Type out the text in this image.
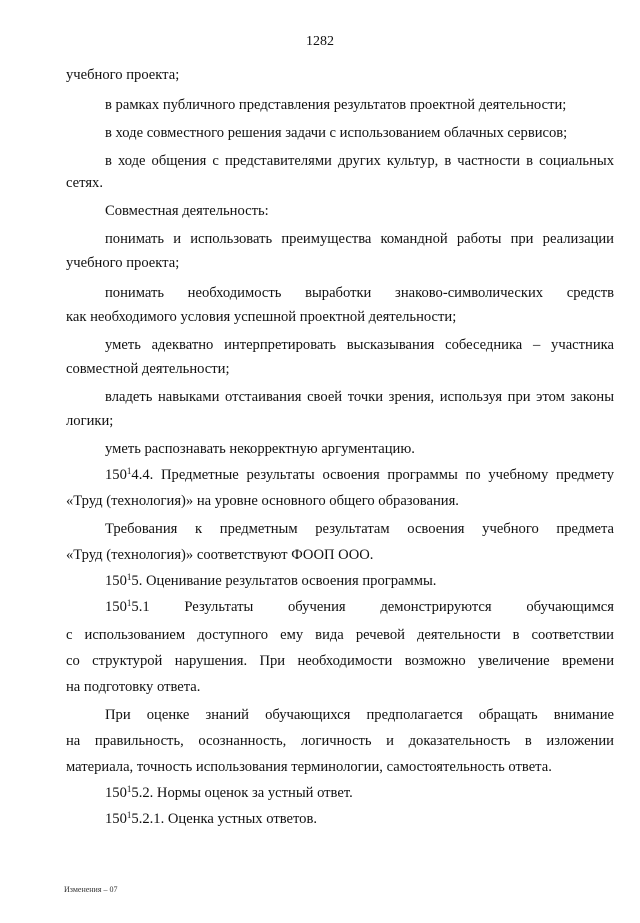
1282
учебного проекта;
в рамках публичного представления результатов проектной деятельности;
в ходе совместного решения задачи с использованием облачных сервисов;
в ходе общения с представителями других культур, в частности в социальных
сетях.
Совместная деятельность:
понимать и использовать преимущества командной работы при реализации
учебного проекта;
понимать необходимость выработки знаково-символических средств
как необходимого условия успешной проектной деятельности;
уметь адекватно интерпретировать высказывания собеседника – участника
совместной деятельности;
владеть навыками отстаивания своей точки зрения, используя при этом законы
логики;
уметь распознавать некорректную аргументацию.
$150^14.4$. Предметные результаты освоения программы по учебному предмету
«Труд (технология)» на уровне основного общего образования.
Требования к предметным результатам освоения учебного предмета
«Труд (технология)» соответствуют ФООП ООО.
$150^15$. Оценивание результатов освоения программы.
$150^15.1$ Результаты обучения демонстрируются обучающимся
с использованием доступного ему вида речевой деятельности в соответствии
со структурой нарушения. При необходимости возможно увеличение времени
на подготовку ответа.
При оценке знаний обучающихся предполагается обращать внимание
на правильность, осознанность, логичность и доказательность в изложении
материала, точность использования терминологии, самостоятельность ответа.
$150^15.2$. Нормы оценок за устный ответ.
$150^15.2.1$. Оценка устных ответов.
Изменения – 07
